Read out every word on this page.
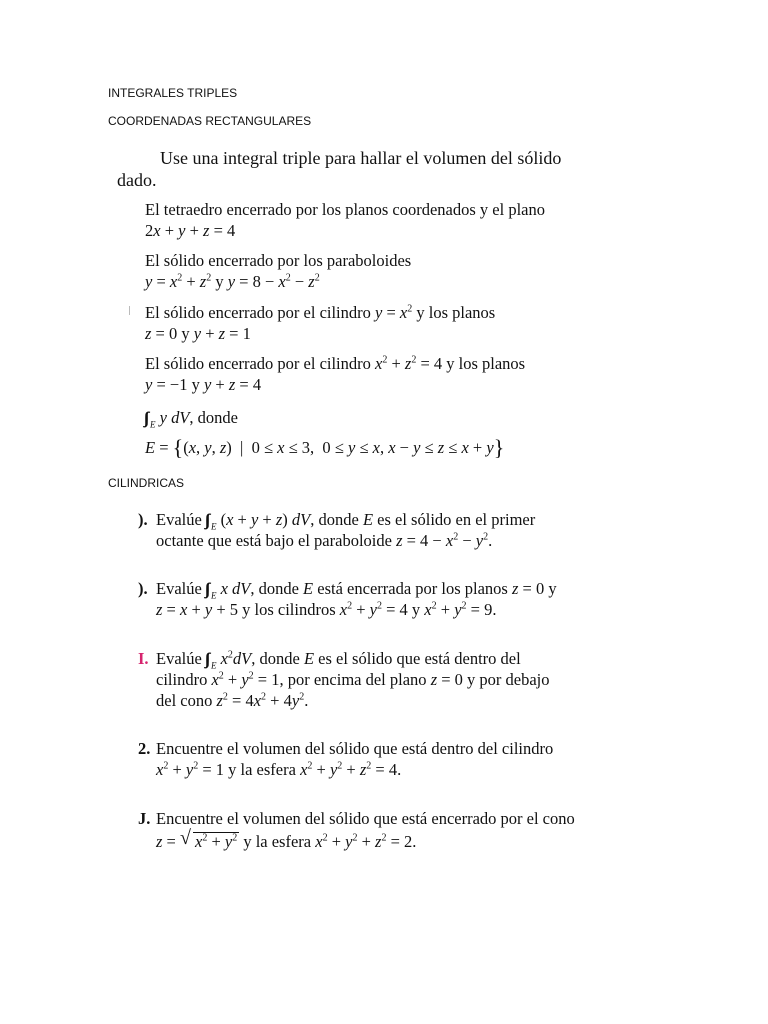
INTEGRALES TRIPLES
COORDENADAS RECTANGULARES
CILINDRICAS
Use una integral triple para hallar el volumen del sólido
dado.
El tetraedro encerrado por los planos coordenados y el plano
2x + y + z = 4
El sólido encerrado por los paraboloides
$y = x^2 + z^2$ y $y = 8 - x^2 - z^2$
El sólido encerrado por el cilindro $y = x^2$ y los planos
z = 0 y y + z = 1
El sólido encerrado por el cilindro $x^2 + z^2 = 4$ y los planos
y = −1 y y + z = 4
$_E$ y dV, donde
E = {(x, y, z)  |  0 ≤ x ≤ 3,  0 ≤ y ≤ x, x − y ≤ z ≤ x + y}
). Evalúe $_E$ (x + y + z) dV, donde E es el sólido en el primer
octante que está bajo el paraboloide $z = 4 - x^2 - y^2$.
). Evalúe $_E$ x dV, donde E está encerrada por los planos z = 0 y
z = x + y + 5 y los cilindros $x^2 + y^2 = 4$ y $x^2 + y^2 = 9$.
I. Evalúe $_E$ $x^2dV$, donde E es el sólido que está dentro del
cilindro $x^2 + y^2 = 1$, por encima del plano z = 0 y por debajo
del cono $z^2 = 4x^2 + 4y^2$.
2. Encuentre el volumen del sólido que está dentro del cilindro
$x^2 + y^2 = 1$ y la esfera $x^2 + y^2 + z^2 = 4$.
J. Encuentre el volumen del sólido que está encerrado por el cono
z = √ $x^2 + y^2$ y la esfera $x^2 + y^2 + z^2 = 2$.
